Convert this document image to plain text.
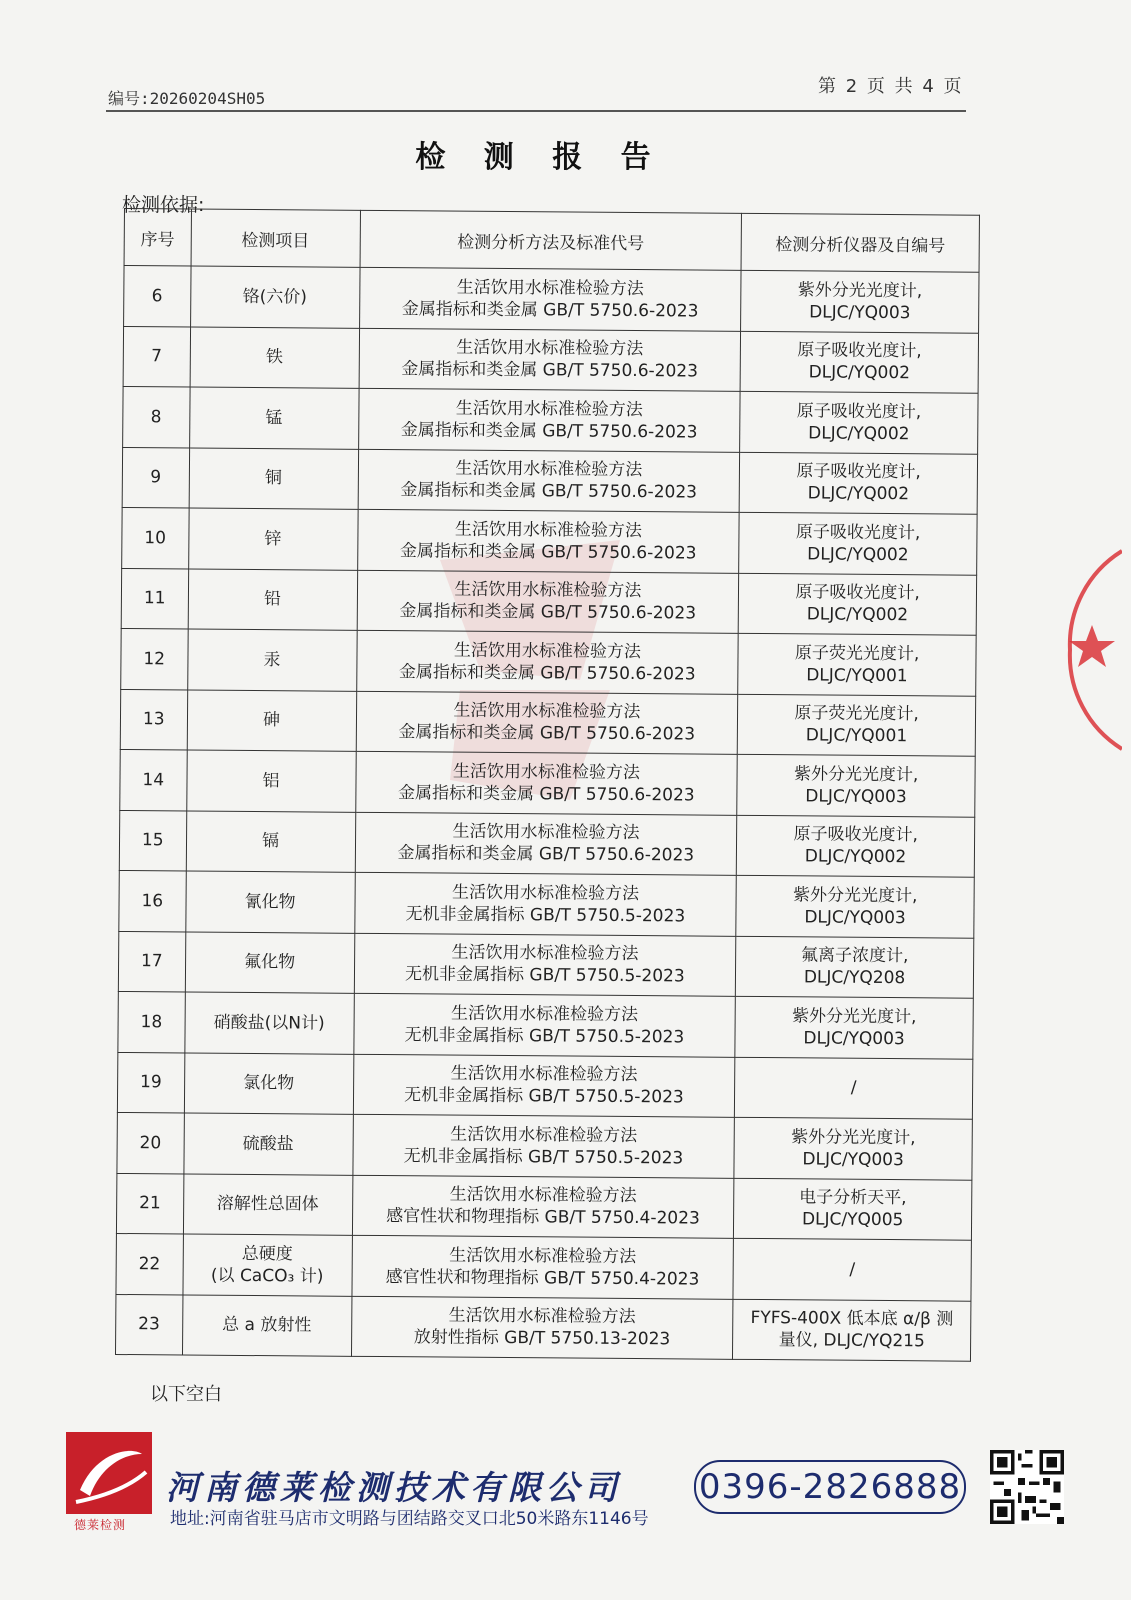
编号:20260204SH05
第 2 页 共 4 页
检 测 报 告
检测依据:
序号	检测项目	检测分析方法及标准代号	检测分析仪器及自编号
6	铬(六价)	生活饮用水标准检验方法
金属指标和类金属 GB/T 5750.6-2023	紫外分光光度计,
DLJC/YQ003

7	铁	生活饮用水标准检验方法
金属指标和类金属 GB/T 5750.6-2023	原子吸收光度计,
DLJC/YQ002

8	锰	生活饮用水标准检验方法
金属指标和类金属 GB/T 5750.6-2023	原子吸收光度计,
DLJC/YQ002

9	铜	生活饮用水标准检验方法
金属指标和类金属 GB/T 5750.6-2023	原子吸收光度计,
DLJC/YQ002

10	锌	生活饮用水标准检验方法
金属指标和类金属 GB/T 5750.6-2023	原子吸收光度计,
DLJC/YQ002

11	铅	生活饮用水标准检验方法
金属指标和类金属 GB/T 5750.6-2023	原子吸收光度计,
DLJC/YQ002

12	汞	生活饮用水标准检验方法
金属指标和类金属 GB/T 5750.6-2023	原子荧光光度计,
DLJC/YQ001

13	砷	生活饮用水标准检验方法
金属指标和类金属 GB/T 5750.6-2023	原子荧光光度计,
DLJC/YQ001

14	铝	生活饮用水标准检验方法
金属指标和类金属 GB/T 5750.6-2023	紫外分光光度计,
DLJC/YQ003

15	镉	生活饮用水标准检验方法
金属指标和类金属 GB/T 5750.6-2023	原子吸收光度计,
DLJC/YQ002

16	氰化物	生活饮用水标准检验方法
无机非金属指标 GB/T 5750.5-2023	紫外分光光度计,
DLJC/YQ003

17	氟化物	生活饮用水标准检验方法
无机非金属指标 GB/T 5750.5-2023	氟离子浓度计,
DLJC/YQ208

18	硝酸盐(以N计)	生活饮用水标准检验方法
无机非金属指标 GB/T 5750.5-2023	紫外分光光度计,
DLJC/YQ003

19	氯化物	生活饮用水标准检验方法
无机非金属指标 GB/T 5750.5-2023	/

20	硫酸盐	生活饮用水标准检验方法
无机非金属指标 GB/T 5750.5-2023	紫外分光光度计,
DLJC/YQ003

21	溶解性总固体	生活饮用水标准检验方法
感官性状和物理指标 GB/T 5750.4-2023	电子分析天平,
DLJC/YQ005

22	总硬度
(以 CaCO₃ 计)	生活饮用水标准检验方法
感官性状和物理指标 GB/T 5750.4-2023	/

23	总 a 放射性	生活饮用水标准检验方法
放射性指标 GB/T 5750.13-2023	FYFS-400X 低本底 α/β 测
量仪, DLJC/YQ215
以下空白
德莱检测
河南德莱检测技术有限公司
地址:河南省驻马店市文明路与团结路交叉口北50米路东1146号
0396-2826888
